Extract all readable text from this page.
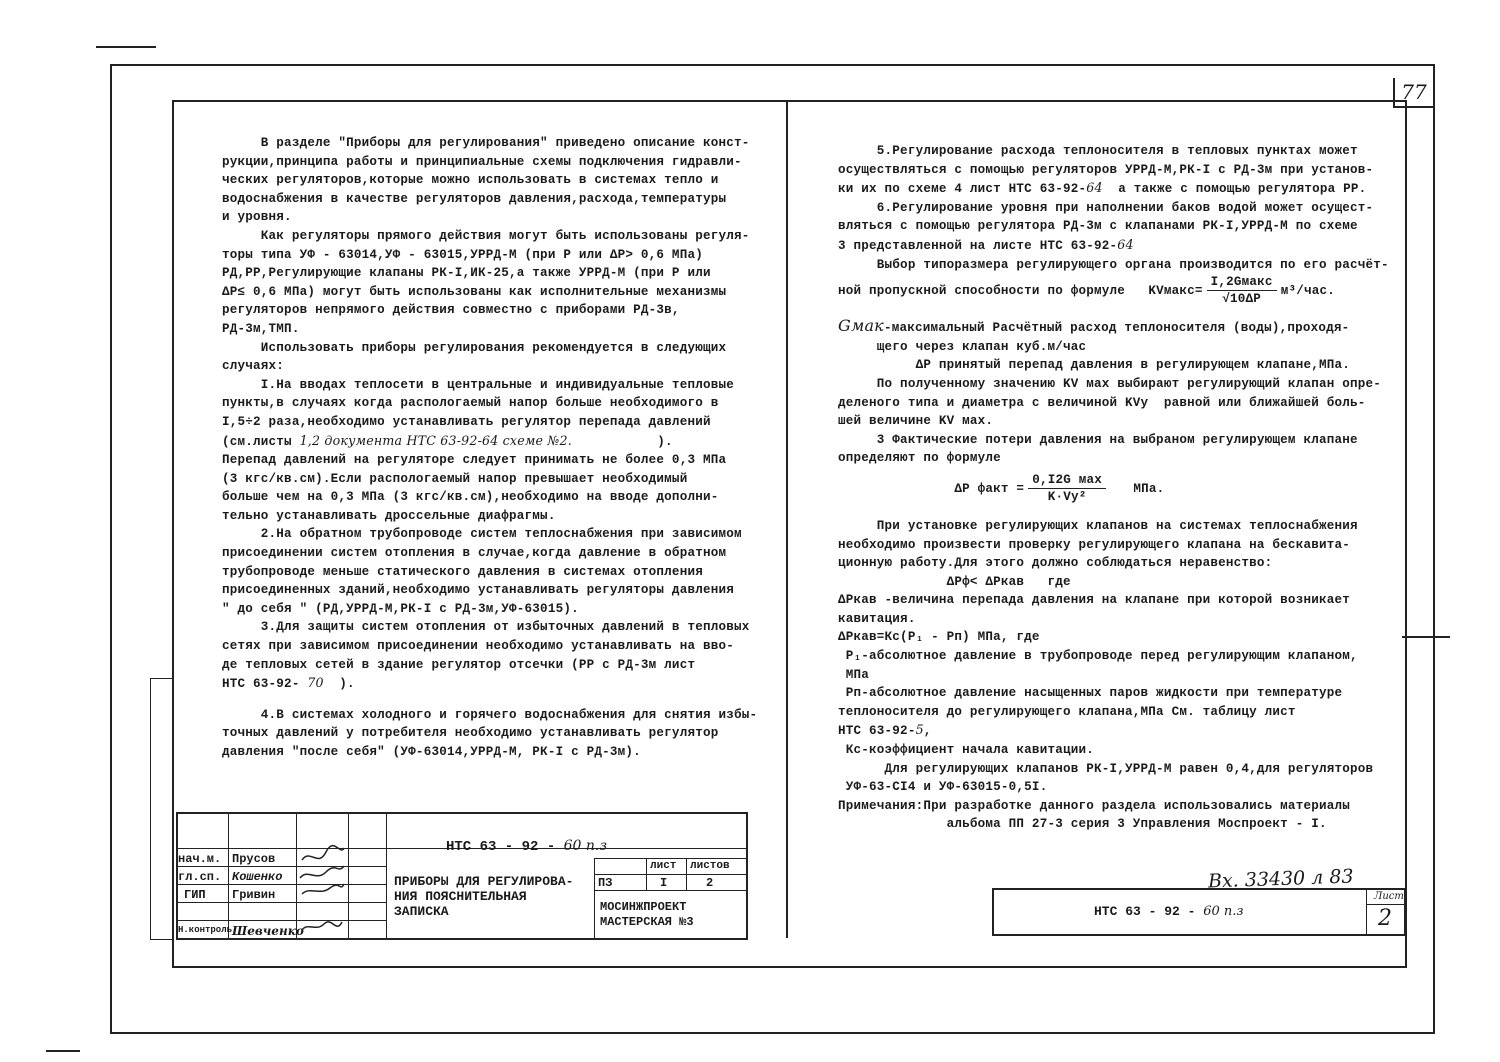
77

В разделе "Приборы для регулирования" приведено описание конст-

рукции,принципа работы и принципиальные схемы подключения гидравли-

ческих регуляторов,которые можно использовать в системах тепло и

водоснабжения в качестве регуляторов давления,расхода,температуры

и уровня.

Как регуляторы прямого действия могут быть использованы регуля-

торы типа УФ - 63014,УФ - 63015,УРРД-М (при Р или ΔР> 0,6 МПа)

РД,РР,Регулирующие клапаны РК-I,ИК-25,а также УРРД-М (при Р или

ΔР≤ 0,6 МПа) могут быть использованы как исполнительные механизмы

регуляторов непрямого действия совместно с приборами РД-3в,

РД-3м,ТМП.

Использовать приборы регулирования рекомендуется в следующих

случаях:

I.На вводах теплосети в центральные и индивидуальные тепловые

пункты,в случаях когда распологаемый напор больше необходимого в

I,5÷2 раза,необходимо устанавливать регулятор перепада давлений

(см.листы 1,2 документа НТС 63-92-64 схеме №2.           ).

Перепад давлений на регуляторе следует принимать не более 0,3 МПа

(3 кгс/кв.см).Если распологаемый напор превышает необходимый

больше чем на 0,3 МПа (3 кгс/кв.см),необходимо на вводе дополни-

тельно устанавливать дроссельные диафрагмы.

2.На обратном трубопроводе систем теплоснабжения при зависимом

присоединении систем отопления в случае,когда давление в обратном

трубопроводе меньше статического давления в системах отопления

присоединенных зданий,необходимо устанавливать регуляторы давления

" до себя " (РД,УРРД-М,РК-I с РД-3м,УФ-63015).

3.Для защиты систем отопления от избыточных давлений в тепловых

сетях при зависимом присоединении необходимо устанавливать на вво-

де тепловых сетей в здание регулятор отсечки (РР с РД-3м лист

НТС 63-92- 70  ).

4.В системах холодного и горячего водоснабжения для снятия избы-

точных давлений у потребителя необходимо устанавливать регулятор

давления "после себя" (УФ-63014,УРРД-М, РК-I с РД-3м).

5.Регулирование расхода теплоносителя в тепловых пунктах может

осуществляться с помощью регуляторов УРРД-М,РК-I с РД-3м при установ-

ки их по схеме 4 лист НТС 63-92-64  а также с помощью регулятора РР.

6.Регулирование уровня при наполнении баков водой может осущест-

вляться с помощью регулятора РД-3м с клапанами РК-I,УРРД-М по схеме

3 представленной на листе НТС 63-92-64

Выбор типоразмера регулирующего органа производится по его расчёт-

ной пропускной способности по формуле KVмакс= $\frac{\text{I,2Gмакс}}{√10\Delta Р} м^3/час$.

Gмак-максимальный Расчётный расход теплоносителя (воды),проходя-

щего через клапан куб.м/час

ΔР принятый перепад давления в регулирующем клапане,МПа.

По полученному значению KV мах выбирают регулирующий клапан опре-

деленого типа и диаметра с величиной KVy  равной или ближайшей боль-

шей величине KV мах.

3 Фактические потери давления на выбраном регулирующем клапане

определяют по формуле

ΔР факт = $\frac{\text{0,I2G мах}}{\text{K·Vy²}}$ МПа.

При установке регулирующих клапанов на системах теплоснабжения

необходимо произвести проверку регулирующего клапана на бескавита-

ционную работу.Для этого должно соблюдаться неравенство:

ΔРф< ΔРкав   где

ΔРкав -величина перепада давления на клапане при которой возникает

кавитация.

ΔРкав=Кс(Р₁ - Рп) МПа, где

Р₁-абсолютное давление в трубопроводе перед регулирующим клапаном,

МПа

Рп-абсолютное давление насыщенных паров жидкости при температуре

теплоносителя до регулирующего клапана,МПа См. таблицу лист

НТС 63-92-5,

Кс-коэффициент начала кавитации.

Для регулирующих клапанов РК-I,УРРД-М равен 0,4,для регуляторов

УФ-63-СI4 и УФ-63015-0,5I.

Примечания:При разработке данного раздела использовались материалы

альбома ПП 27-3 серия 3 Управления Моспроект - I.

НТС 63 - 92 - 60 п.з
нач.м.
гл.сп.
ГИП
Н.контроль
Прусов
Кошенко
Гривин
Шевченко
ПРИБОРЫ ДЛЯ РЕГУЛИРОВА-
НИЯ ПОЯСНИТЕЛЬНАЯ
ЗАПИСКА
лист листов
ПЗ	I	2
МОСИНЖПРОЕКТ
МАСТЕРСКАЯ №3
НТС 63 - 92 - 60 п.з
Лист
2
Вх. 33430 л 83
